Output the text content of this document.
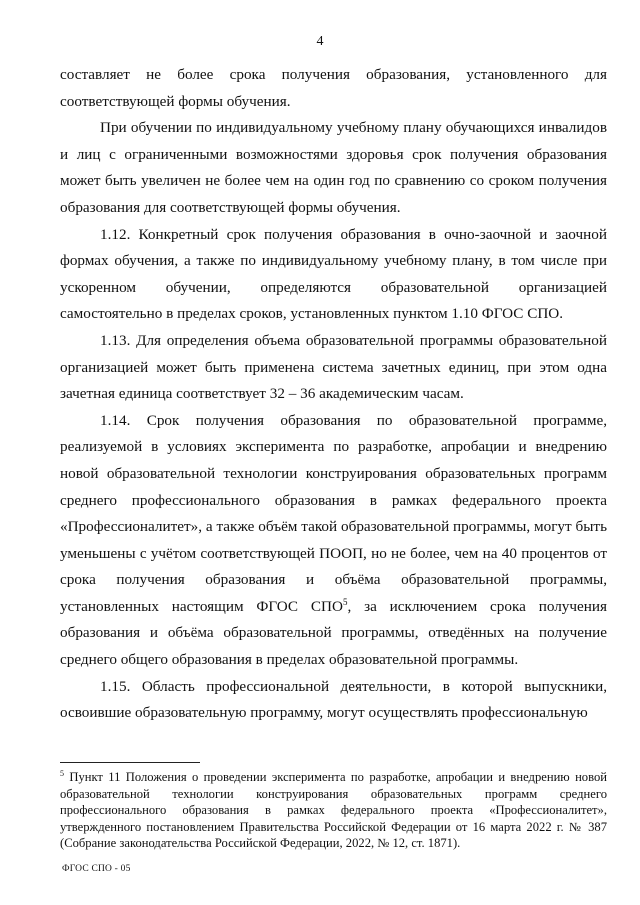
4

составляет не более срока получения образования, установленного для соответствующей формы обучения.

При обучении по индивидуальному учебному плану обучающихся инвалидов и лиц с ограниченными возможностями здоровья срок получения образования может быть увеличен не более чем на один год по сравнению со сроком получения образования для соответствующей формы обучения.

1.12. Конкретный срок получения образования в очно-заочной и заочной формах обучения, а также по индивидуальному учебному плану, в том числе при ускоренном обучении, определяются образовательной организацией самостоятельно в пределах сроков, установленных пунктом 1.10 ФГОС СПО.

1.13. Для определения объема образовательной программы образовательной организацией может быть применена система зачетных единиц, при этом одна зачетная единица соответствует 32 – 36 академическим часам.

1.14. Срок получения образования по образовательной программе, реализуемой в условиях эксперимента по разработке, апробации и внедрению новой образовательной технологии конструирования образовательных программ среднего профессионального образования в рамках федерального проекта «Профессионалитет», а также объём такой образовательной программы, могут быть уменьшены с учётом соответствующей ПООП, но не более, чем на 40 процентов от срока получения образования и объёма образовательной программы, установленных настоящим ФГОС СПО$^5$, за исключением срока получения образования и объёма образовательной программы, отведённых на получение среднего общего образования в пределах образовательной программы.

1.15. Область профессиональной деятельности, в которой выпускники, освоившие образовательную программу, могут осуществлять профессиональную

$^5$ Пункт 11 Положения о проведении эксперимента по разработке, апробации и внедрению новой образовательной технологии конструирования образовательных программ среднего профессионального образования в рамках федерального проекта «Профессионалитет», утвержденного постановлением Правительства Российской Федерации от 16 марта 2022 г. № 387 (Собрание законодательства Российской Федерации, 2022, № 12, ст. 1871).

ФГОС СПО - 05
